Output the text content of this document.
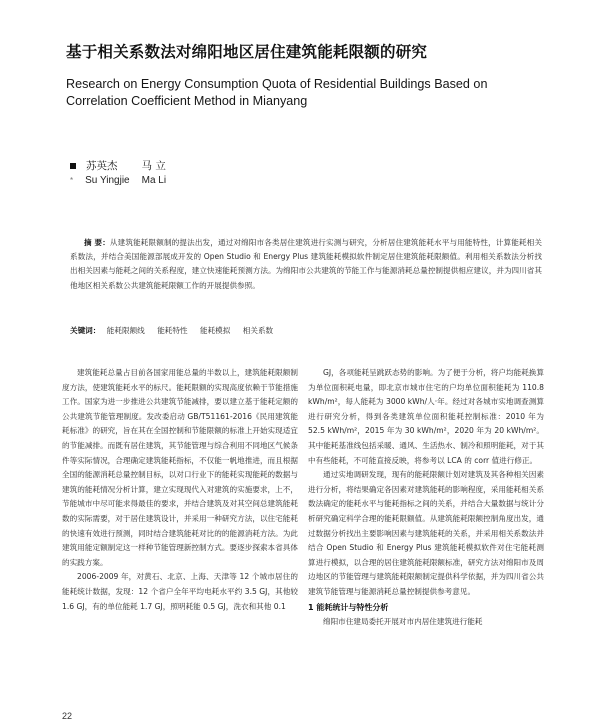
基于相关系数法对绵阳地区居住建筑能耗限额的研究
Research on Energy Consumption Quota of Residential Buildings Based on Correlation Coefficient Method in Mianyang
苏英杰 马 立
* Su Yingjie Ma Li
摘 要：从建筑能耗限额制的提法出发，通过对绵阳市各类居住建筑进行实测与研究，分析居住建筑能耗水平与用能特性，计算能耗相关系数法，并结合美国能源部展成开发的 Open Studio 和 Energy Plus 建筑能耗模拟软件制定居住建筑能耗限额值。利用相关系数法分析找出相关因素与能耗之间的关系程度，建立快速能耗预测方法。为绵阳市公共建筑的节能工作与能源消耗总量控制提供相应建议，并为四川省其他地区相关系数公共建筑能耗限额工作的开展提供参照。
关键词： 能耗限额线 能耗特性 能耗模拟 相关系数

建筑能耗总量占目前各国家用能总量的半数以上，建筑能耗限额制度方法，使建筑能耗水平的标尺。能耗限额的实现高度依赖于节能措施工作。国家为进一步推进公共建筑节能减排，要以建立基于能耗定额的公共建筑节能管理制度。发改委启动 GB/T51161-2016《民用建筑能耗标准》的研究，旨在其在全国控制和节能限额的标准上开始实现适宜的节能减排。而既有居住建筑，其节能管理与综合利用不同地区气候条件等实际情况，合理确定建筑能耗指标，不仅能一帆地推进，而且根据全国的能源消耗总量控制目标，以对口行业下的能耗实现能耗的数据与建筑的能耗情况分析计算，建立实现现代入对建筑的实施要求，上不，节能城市中尽可能求得最佳的要求，并结合建筑及对其空间总建筑能耗数的实际需要，对于居住建筑设计，并采用一种研究方法，以住宅能耗的快速有效进行预测，同时结合建筑能耗对比的的能源消耗方法。为此建筑用能定额制定这一样种节能管理新控制方式。要逐步探索本省具体的实践方案。

2006-2009 年，对黄石、北京、上海、天津等 12 个城市居住的能耗统计数据，发现：12 个省户全年平均电耗水平约 3.5 GJ，其他较 1.6 GJ，有的单位能耗 1.7 GJ，照明耗能 0.5 GJ，洗衣和其他 0.1

GJ，各项能耗呈跳跃态势的影响。为了便于分析，将户均能耗换算为单位面积耗电量，即北京市城市住宅的户均单位面积能耗为 110.8 kWh/m²，每人能耗为 3000 kWh/人·年。经过对各城市实地调查测算进行研究分析，得到各类建筑单位面积能耗控制标准：2010 年为 52.5 kWh/m²，2015 年为 30 kWh/m²，2020 年为 20 kWh/m²。其中能耗基准线包括采暖、通风、生活热水、制冷和照明能耗，对于其中有些能耗，不可能直接反映，将参考以 LCA 的 corr 值进行修正。

通过实地调研发现，现有的能耗限额计划对建筑及其各种相关因素进行分析，将结果确定各因素对建筑能耗的影响程度，采用能耗相关系数法确定的能耗水平与能耗指标之间的关系，并结合大量数据与统计分析研究确定科学合理的能耗限额值。从建筑能耗限额控制角度出发，通过数据分析找出主要影响因素与建筑能耗的关系，并采用相关系数法并结合 Open Studio 和 Energy Plus 建筑能耗模拟软件对住宅能耗测算进行模拟，以合理的居住建筑能耗限额标准，研究方法对绵阳市及周边地区的节能管理与建筑能耗限额制定提供科学依据，并为四川省公共建筑节能管理与能源消耗总量控制提供参考意见。

1 能耗统计与特性分析

绵阳市住建局委托开展对市内居住建筑进行能耗

22
